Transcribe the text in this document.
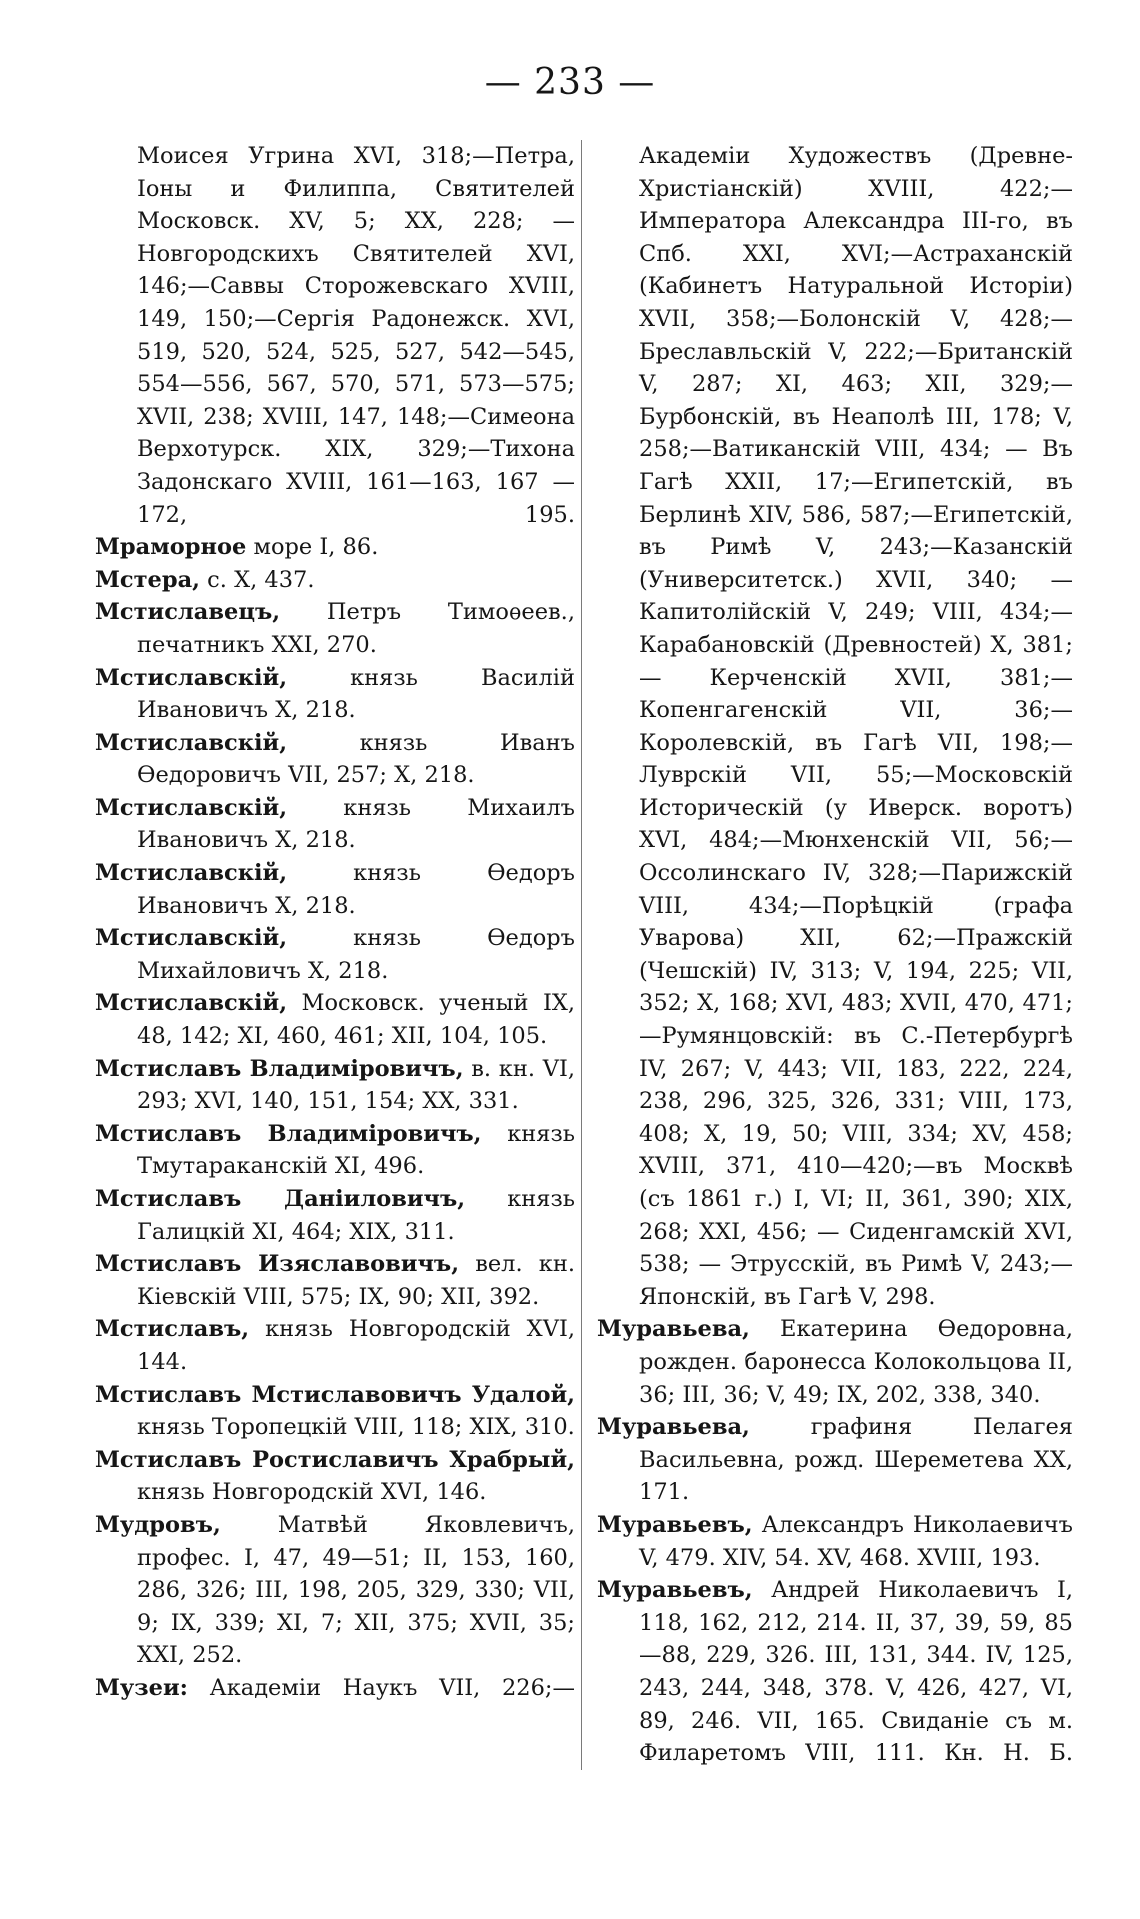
— 233 —

Моисея Угрина XVI, 318;—Петра, Іоны и Филиппа, Святителей Московск. XV, 5; XX, 228; — Новгородскихъ Святителей XVI, 146;—Саввы Сторожевскаго XVIII, 149, 150;—Сергія Радонежск. XVI, 519, 520, 524, 525, 527, 542—545, 554—556, 567, 570, 571, 573—575; XVII, 238; XVIII, 147, 148;—Симеона Верхотурск. XIX, 329;—Тихона Задонскаго XVIII, 161—163, 167 — 172, 195.

Мраморное море I, 86.

Мстера, с. X, 437.

Мстиславецъ, Петръ Тимоѳеев., печатникъ XXI, 270.

Мстиславскій, князь Василій Ивановичъ X, 218.

Мстиславскій, князь Иванъ Ѳедоровичъ VII, 257; X, 218.

Мстиславскій, князь Михаилъ Ивановичъ X, 218.

Мстиславскій, князь Ѳедоръ Ивановичъ X, 218.

Мстиславскій, князь Ѳедоръ Михайловичъ X, 218.

Мстиславскій, Московск. ученый IX, 48, 142; XI, 460, 461; XII, 104, 105.

Мстиславъ Владиміровичъ, в. кн. VI, 293; XVI, 140, 151, 154; XX, 331.

Мстиславъ Владиміровичъ, князь Тмутараканскій XI, 496.

Мстиславъ Даніиловичъ, князь Галицкій XI, 464; XIX, 311.

Мстиславъ Изяславовичъ, вел. кн. Кіевскій VIII, 575; IX, 90; XII, 392.

Мстиславъ, князь Новгородскій XVI, 144.

Мстиславъ Мстиславовичъ Удалой, князь Торопецкій VIII, 118; XIX, 310.

Мстиславъ Ростиславичъ Храбрый, князь Новгородскій XVI, 146.

Мудровъ, Матвѣй Яковлевичъ, профес. I, 47, 49—51; II, 153, 160, 286, 326; III, 198, 205, 329, 330; VII, 9; IX, 339; XI, 7; XII, 375; XVII, 35; XXI, 252.

Музеи: Академіи Наукъ VII, 226;—

Академіи Художествъ (Древне-Христіанскій) XVIII, 422;—Императора Александра III-го, въ Спб. XXI, XVI;—Астраханскій (Кабинетъ Натуральной Исторіи) XVII, 358;—Болонскій V, 428;—Бреславльскій V, 222;—Британскій V, 287; XI, 463; XII, 329;—Бурбонскій, въ Неаполѣ III, 178; V, 258;—Ватиканскій VIII, 434; — Въ Гагѣ XXII, 17;—Египетскій, въ Берлинѣ XIV, 586, 587;—Египетскій, въ Римѣ V, 243;—Казанскій (Университетск.) XVII, 340; — Капитолійскій V, 249; VIII, 434;—Карабановскій (Древностей) X, 381; — Керченскій XVII, 381;—Копенгагенскій VII, 36;—Королевскій, въ Гагѣ VII, 198;—Луврскій VII, 55;—Московскій Историческій (у Иверск. воротъ) XVI, 484;—Мюнхенскій VII, 56;—Оссолинскаго IV, 328;—Парижскій VIII, 434;—Порѣцкій (графа Уварова) XII, 62;—Пражскій (Чешскій) IV, 313; V, 194, 225; VII, 352; X, 168; XVI, 483; XVII, 470, 471;—Румянцовскій: въ С.-Петербургѣ IV, 267; V, 443; VII, 183, 222, 224, 238, 296, 325, 326, 331; VIII, 173, 408; X, 19, 50; VIII, 334; XV, 458; XVIII, 371, 410—420;—въ Москвѣ (съ 1861 г.) I, VI; II, 361, 390; XIX, 268; XXI, 456; — Сиденгамскій XVI, 538; — Этрусскій, въ Римѣ V, 243;—Японскій, въ Гагѣ V, 298.

Муравьева, Екатерина Ѳедоровна, рожден. баронесса Колокольцова II, 36; III, 36; V, 49; IX, 202, 338, 340.

Муравьева, графиня Пелагея Васильевна, рожд. Шереметева XX, 171.

Муравьевъ, Александръ Николаевичъ V, 479. XIV, 54. XV, 468. XVIII, 193.

Муравьевъ, Андрей Николаевичъ I, 118, 162, 212, 214. II, 37, 39, 59, 85—88, 229, 326. III, 131, 344. IV, 125, 243, 244, 348, 378. V, 426, 427, VI, 89, 246. VII, 165. Свиданіе съ м. Филаретомъ VIII, 111. Кн. Н. Б.
